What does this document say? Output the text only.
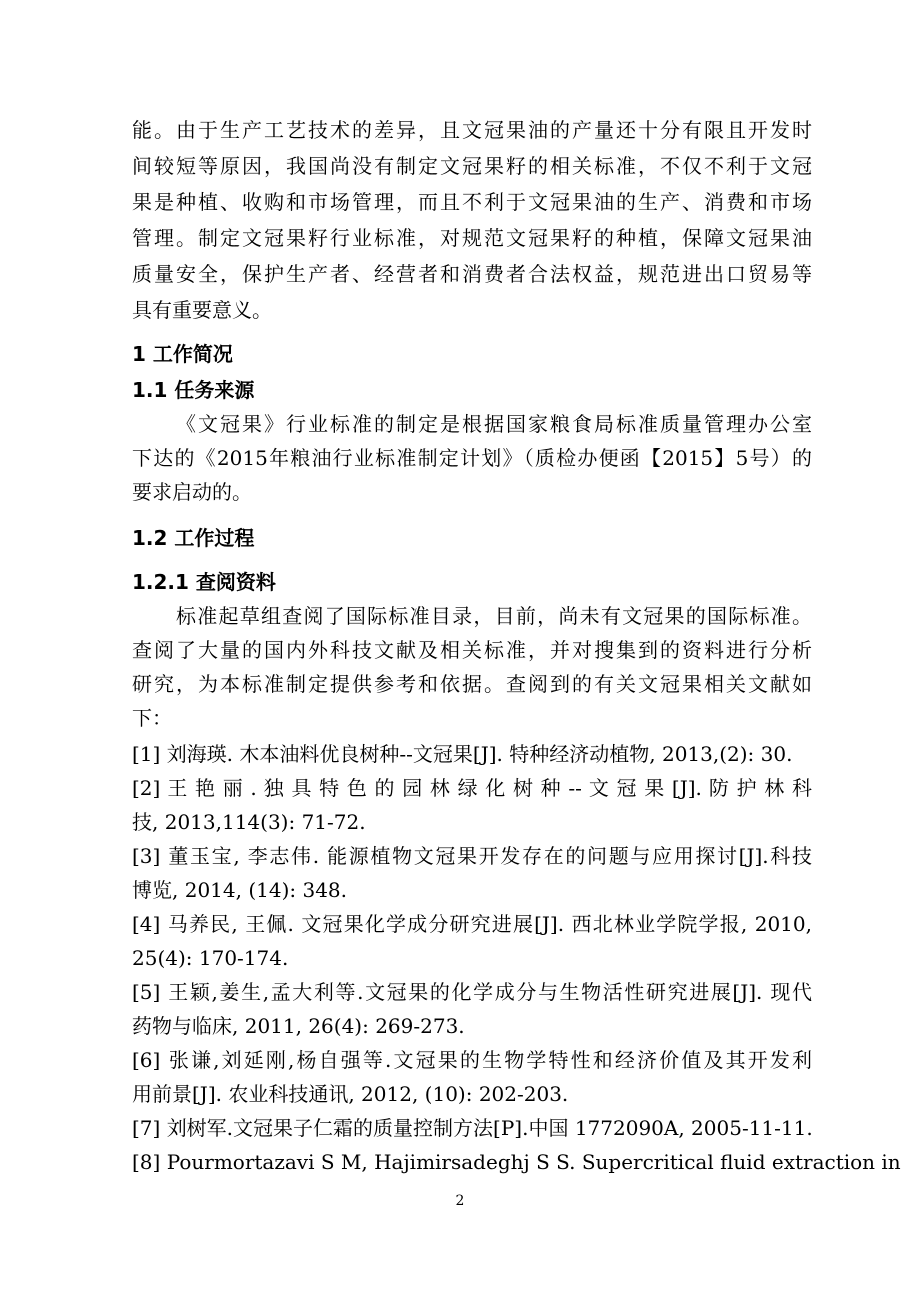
能。由于生产工艺技术的差异，且文冠果油的产量还十分有限且开发时
间较短等原因，我国尚没有制定文冠果籽的相关标准，不仅不利于文冠
果是种植、收购和市场管理，而且不利于文冠果油的生产、消费和市场
管理。制定文冠果籽行业标准，对规范文冠果籽的种植，保障文冠果油
质量安全，保护生产者、经营者和消费者合法权益，规范进出口贸易等
具有重要意义。
1 工作简况
1.1 任务来源
《文冠果》行业标准的制定是根据国家粮食局标准质量管理办公室
下达的《2015年粮油行业标准制定计划》（质检办便函【2015】5号）的
要求启动的。
1.2 工作过程
1.2.1 查阅资料
标准起草组查阅了国际标准目录，目前，尚未有文冠果的国际标准。
查阅了大量的国内外科技文献及相关标准，并对搜集到的资料进行分析
研究，为本标准制定提供参考和依据。查阅到的有关文冠果相关文献如
下：
[1] 刘海瑛. 木本油料优良树种--文冠果[J]. 特种经济动植物, 2013,(2): 30.
[2] 王 艳 丽 . 独 具 特 色 的 园 林 绿 化 树 种 -- 文 冠 果 [J]. 防 护 林 科
技, 2013,114(3): 71-72.
[3] 董玉宝, 李志伟. 能源植物文冠果开发存在的问题与应用探讨[J].科技
博览, 2014, (14): 348.
[4] 马养民, 王佩. 文冠果化学成分研究进展[J]. 西北林业学院学报, 2010,
25(4): 170-174.
[5] 王颖,姜生,孟大利等.文冠果的化学成分与生物活性研究进展[J]. 现代
药物与临床, 2011, 26(4): 269-273.
[6] 张谦,刘延刚,杨自强等.文冠果的生物学特性和经济价值及其开发利
用前景[J]. 农业科技通讯, 2012, (10): 202-203.
[7] 刘树军.文冠果子仁霜的质量控制方法[P].中国 1772090A, 2005-11-11.
[8] Pourmortazavi S M, Hajimirsadeghj S S. Supercritical fluid extraction in
2
